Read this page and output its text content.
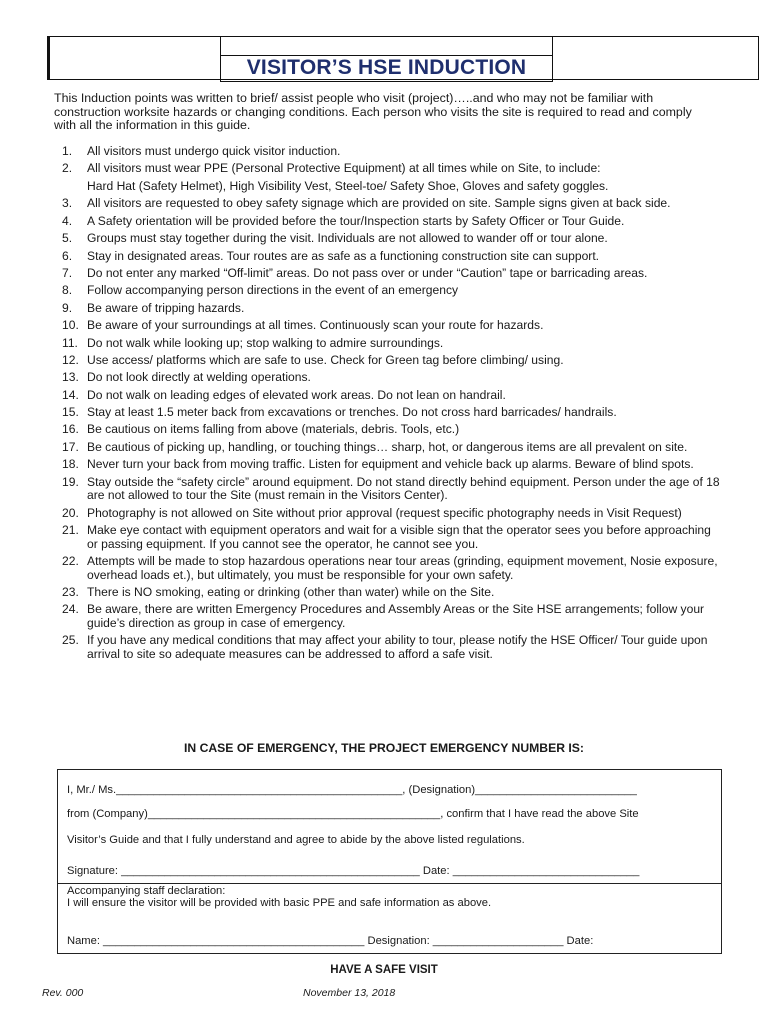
VISITOR’S HSE INDUCTION
This Induction points was written to brief/ assist people who visit (project)…..and who may not be familiar with construction worksite hazards or changing conditions. Each person who visits the site is required to read and comply with all the information in this guide.
1. All visitors must undergo quick visitor induction.
2. All visitors must wear PPE (Personal Protective Equipment) at all times while on Site, to include:
Hard Hat (Safety Helmet), High Visibility Vest, Steel-toe/ Safety Shoe, Gloves and safety goggles.
3. All visitors are requested to obey safety signage which are provided on site. Sample signs given at back side.
4. A Safety orientation will be provided before the tour/Inspection starts by Safety Officer or Tour Guide.
5. Groups must stay together during the visit. Individuals are not allowed to wander off or tour alone.
6. Stay in designated areas. Tour routes are as safe as a functioning construction site can support.
7. Do not enter any marked “Off-limit” areas. Do not pass over or under “Caution” tape or barricading areas.
8. Follow accompanying person directions in the event of an emergency
9. Be aware of tripping hazards.
10. Be aware of your surroundings at all times. Continuously scan your route for hazards.
11. Do not walk while looking up; stop walking to admire surroundings.
12. Use access/ platforms which are safe to use. Check for Green tag before climbing/ using.
13. Do not look directly at welding operations.
14. Do not walk on leading edges of elevated work areas. Do not lean on handrail.
15. Stay at least 1.5 meter back from excavations or trenches. Do not cross hard barricades/ handrails.
16. Be cautious on items falling from above (materials, debris. Tools, etc.)
17. Be cautious of picking up, handling, or touching things… sharp, hot, or dangerous items are all prevalent on site.
18. Never turn your back from moving traffic. Listen for equipment and vehicle back up alarms. Beware of blind spots.
19. Stay outside the “safety circle” around equipment. Do not stand directly behind equipment. Person under the age of 18 are not allowed to tour the Site (must remain in the Visitors Center).
20. Photography is not allowed on Site without prior approval (request specific photography needs in Visit Request)
21. Make eye contact with equipment operators and wait for a visible sign that the operator sees you before approaching or passing equipment. If you cannot see the operator, he cannot see you.
22. Attempts will be made to stop hazardous operations near tour areas (grinding, equipment movement, Nosie exposure, overhead loads et.), but ultimately, you must be responsible for your own safety.
23. There is NO smoking, eating or drinking (other than water) while on the Site.
24. Be aware, there are written Emergency Procedures and Assembly Areas or the Site HSE arrangements; follow your guide’s direction as group in case of emergency.
25. If you have any medical conditions that may affect your ability to tour, please notify the HSE Officer/ Tour guide upon arrival to site so adequate measures can be addressed to afford a safe visit.
IN CASE OF EMERGENCY, THE PROJECT EMERGENCY NUMBER IS:
I, Mr./ Ms.______________________________________________, (Designation)__________________________
from (Company)_______________________________________________, confirm that I have read the above Site
Visitor’s Guide and that I fully understand and agree to abide by the above listed regulations.
Signature: ________________________________________________ Date: ______________________________
Accompanying staff declaration:
I will ensure the visitor will be provided with basic PPE and safe information as above.
Name: __________________________________________ Designation: _____________________ Date:
HAVE A SAFE VISIT
Rev. 000	November 13, 2018
